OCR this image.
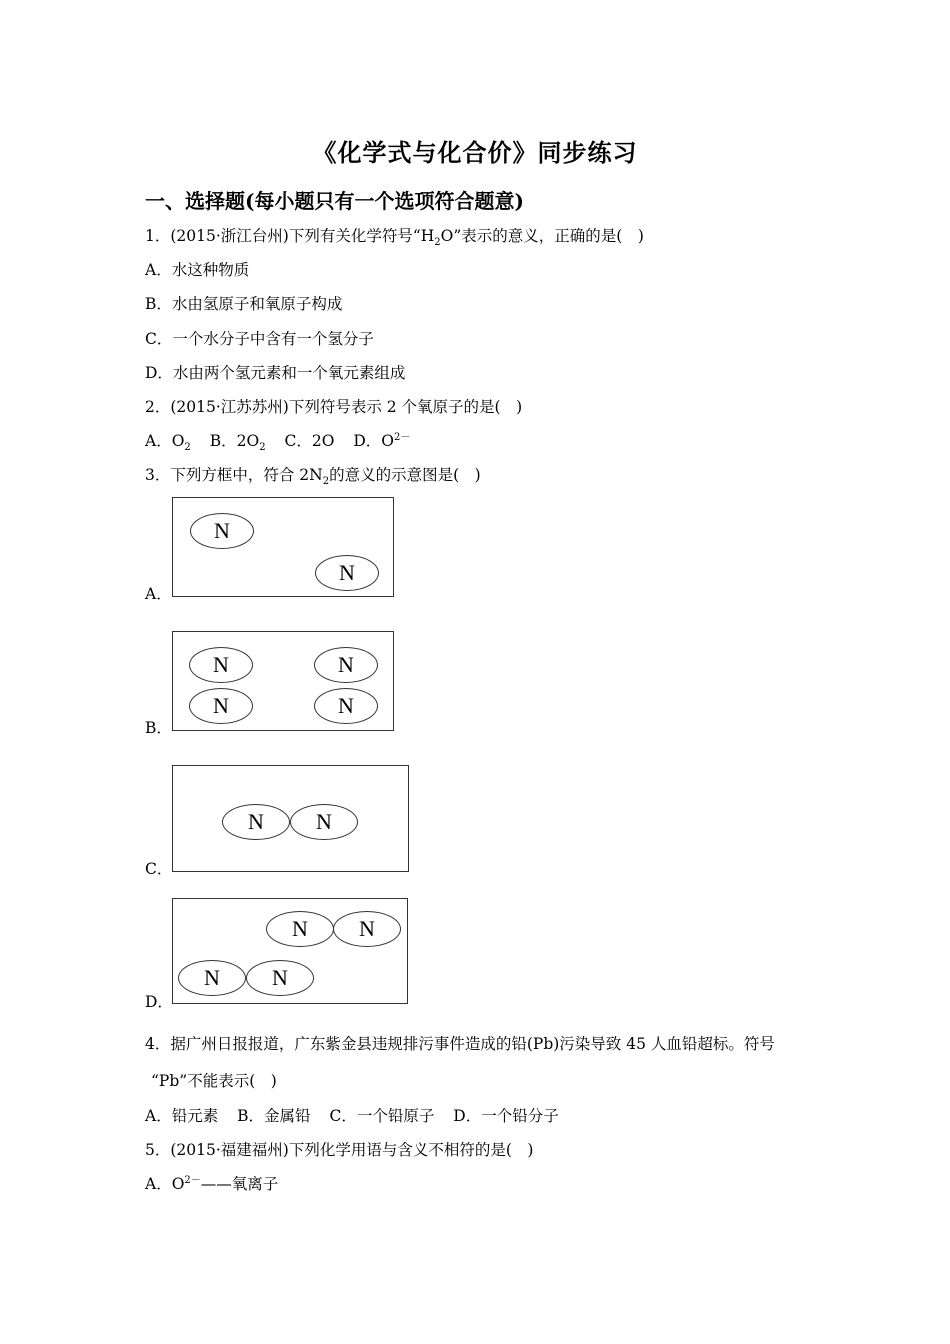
《化学式与化合价》同步练习
一、选择题(每小题只有一个选项符合题意)
1．(2015·浙江台州)下列有关化学符号“$H_2O$”表示的意义，正确的是(　)
A．水这种物质
B．水由氢原子和氧原子构成
C．一个水分子中含有一个氢分子
D．水由两个氢元素和一个氧元素组成
2．(2015·江苏苏州)下列符号表示 2 个氧原子的是(　)
A．$O_2$ B．$2O_2$ C．2O D．$O^{2-}$
3．下列方框中，符合 $2N_2$的意义的示意图是(　)
N
N
A．
N	N
N	N
B．
N	N
C．
N	N
N	N
D．
4．据广州日报报道，广东紫金县违规排污事件造成的铅(Pb)污染导致 45 人血铅超标。符号
“Pb”不能表示(　)
A．铅元素 B．金属铅 C．一个铅原子 D．一个铅分子
5．(2015·福建福州)下列化学用语与含义不相符的是(　)
A．$O^{2-}——$氧离子
